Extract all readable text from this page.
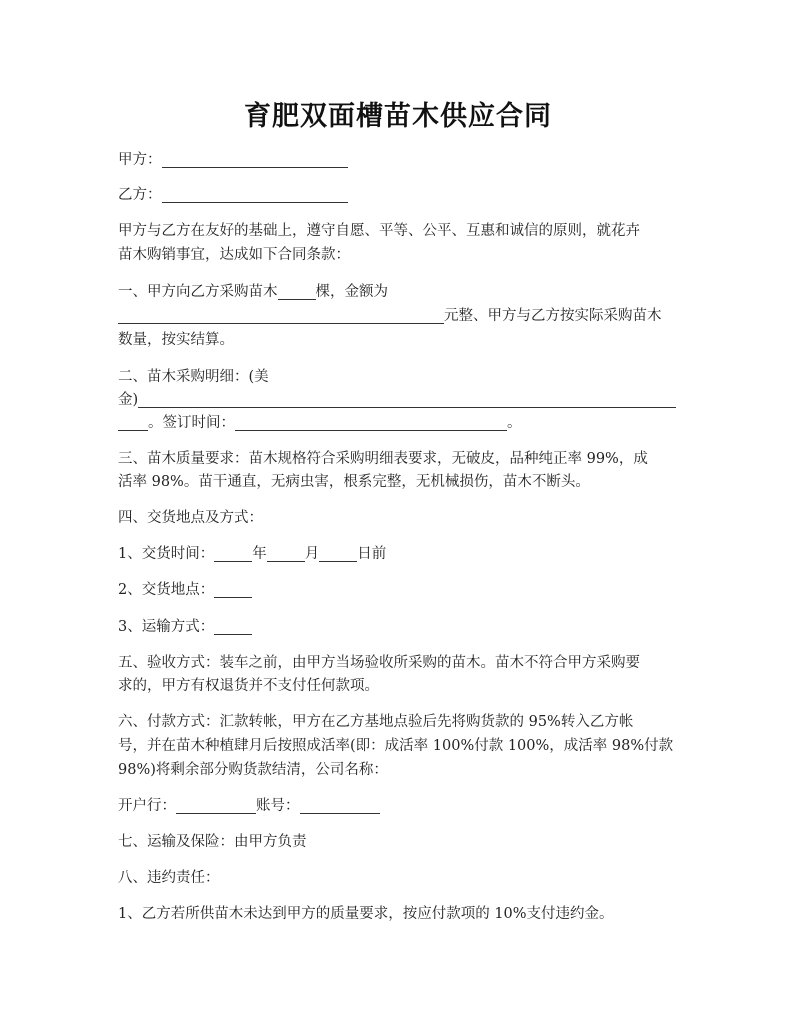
育肥双面槽苗木供应合同
甲方：
乙方：
甲方与乙方在友好的基础上，遵守自愿、平等、公平、互惠和诚信的原则，就花卉
苗木购销事宜，达成如下合同条款：
一、甲方向乙方采购苗木	棵，金额为
元整、甲方与乙方按实际采购苗木
数量，按实结算。
二、苗木采购明细：(美
金)
。签订时间：	。
三、苗木质量要求：苗木规格符合采购明细表要求，无破皮，品种纯正率 99%，成
活率 98%。苗干通直，无病虫害，根系完整，无机械损伤，苗木不断头。
四、交货地点及方式：
1、交货时间：	年	月	日前
2、交货地点：
3、运输方式：
五、验收方式：装车之前，由甲方当场验收所采购的苗木。苗木不符合甲方采购要
求的，甲方有权退货并不支付任何款项。
六、付款方式：汇款转帐，甲方在乙方基地点验后先将购货款的 95%转入乙方帐
号，并在苗木种植肆月后按照成活率(即：成活率 100%付款 100%，成活率 98%付款
98%)将剩余部分购货款结清，公司名称：
开户行：	账号：
七、运输及保险：由甲方负责
八、违约责任：
1、乙方若所供苗木未达到甲方的质量要求，按应付款项的 10%支付违约金。
